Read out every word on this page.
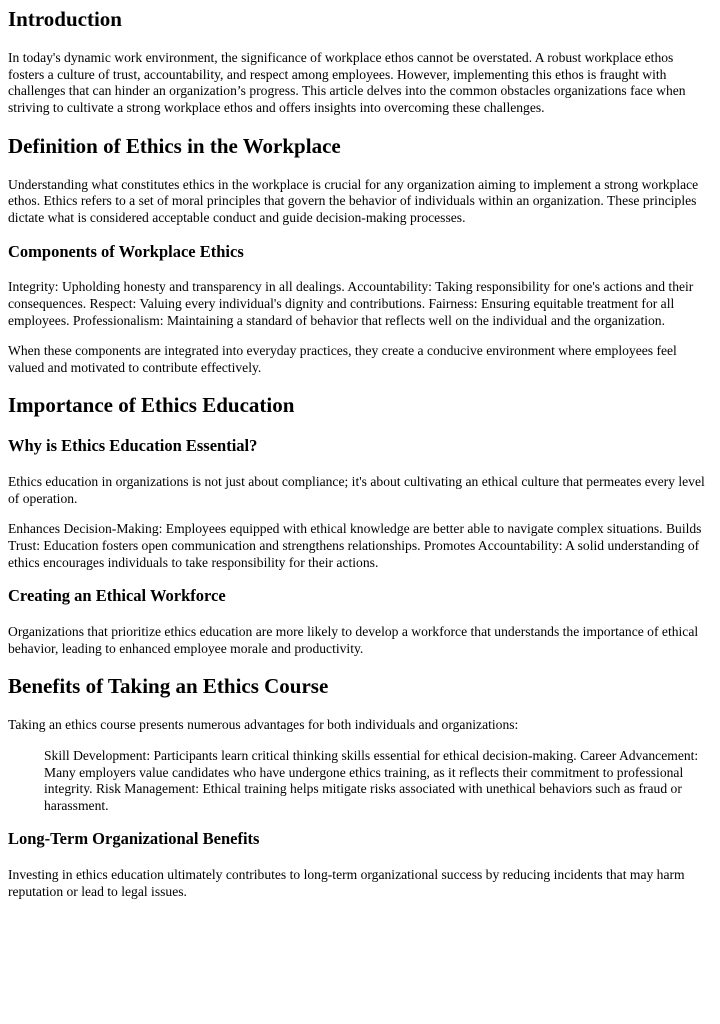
Introduction

In today's dynamic work environment, the significance of workplace ethos cannot be overstated. A robust workplace ethos fosters a culture of trust, accountability, and respect among employees. However, implementing this ethos is fraught with challenges that can hinder an organization’s progress. This article delves into the common obstacles organizations face when striving to cultivate a strong workplace ethos and offers insights into overcoming these challenges.

Definition of Ethics in the Workplace

Understanding what constitutes ethics in the workplace is crucial for any organization aiming to implement a strong workplace ethos. Ethics refers to a set of moral principles that govern the behavior of individuals within an organization. These principles dictate what is considered acceptable conduct and guide decision-making processes.

Components of Workplace Ethics

Integrity: Upholding honesty and transparency in all dealings. Accountability: Taking responsibility for one's actions and their consequences. Respect: Valuing every individual's dignity and contributions. Fairness: Ensuring equitable treatment for all employees. Professionalism: Maintaining a standard of behavior that reflects well on the individual and the organization.

When these components are integrated into everyday practices, they create a conducive environment where employees feel valued and motivated to contribute effectively.

Importance of Ethics Education
Why is Ethics Education Essential?

Ethics education in organizations is not just about compliance; it's about cultivating an ethical culture that permeates every level of operation.

Enhances Decision-Making: Employees equipped with ethical knowledge are better able to navigate complex situations. Builds Trust: Education fosters open communication and strengthens relationships. Promotes Accountability: A solid understanding of ethics encourages individuals to take responsibility for their actions.

Creating an Ethical Workforce

Organizations that prioritize ethics education are more likely to develop a workforce that understands the importance of ethical behavior, leading to enhanced employee morale and productivity.

Benefits of Taking an Ethics Course

Taking an ethics course presents numerous advantages for both individuals and organizations:

Skill Development: Participants learn critical thinking skills essential for ethical decision-making. Career Advancement: Many employers value candidates who have undergone ethics training, as it reflects their commitment to professional integrity. Risk Management: Ethical training helps mitigate risks associated with unethical behaviors such as fraud or harassment.

Long-Term Organizational Benefits

Investing in ethics education ultimately contributes to long-term organizational success by reducing incidents that may harm reputation or lead to legal issues.
